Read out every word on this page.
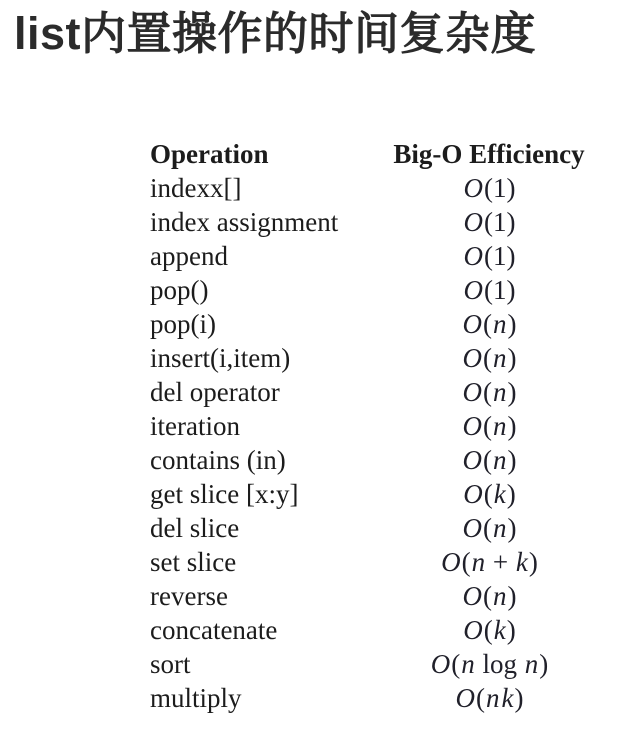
list内置操作的时间复杂度
Operation	Big-O Efficiency
indexx[]	O(1)
index assignment	O(1)
append	O(1)
pop()	O(1)
pop(i)	O(n)
insert(i,item)	O(n)
del operator	O(n)
iteration	O(n)
contains (in)	O(n)
get slice [x:y]	O(k)
del slice	O(n)
set slice	O(n + k)
reverse	O(n)
concatenate	O(k)
sort	O(n log n)
multiply	O(nk)
